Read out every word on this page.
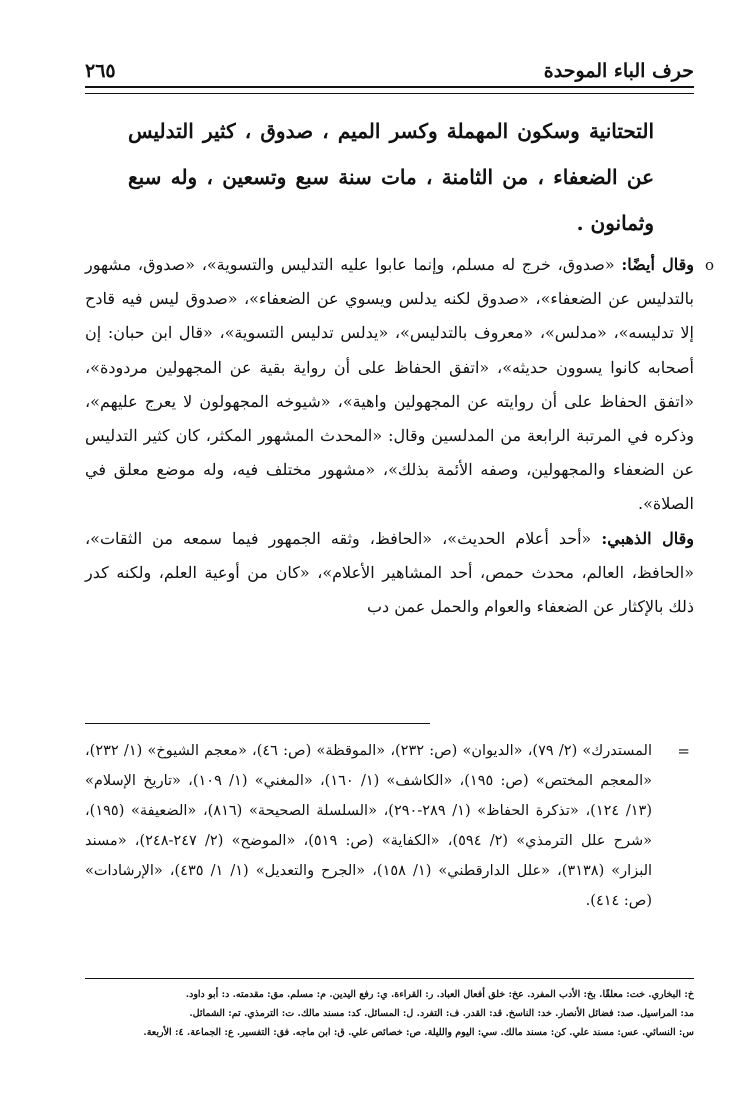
حرف الباء الموحدة
٢٦٥
التحتانية وسكون المهملة وكسر الميم ، صدوق ، كثير التدليس عن الضعفاء ، من الثامنة ، مات سنة سبع وتسعين ، وله سبع وثمانون .

o
وقال أيضًا: «صدوق، خرج له مسلم، وإنما عابوا عليه التدليس والتسوية»، «صدوق، مشهور بالتدليس عن الضعفاء»، «صدوق لكنه يدلس ويسوي عن الضعفاء»، «صدوق ليس فيه قادح إلا تدليسه»، «مدلس»، «معروف بالتدليس»، «يدلس تدليس التسوية»، «قال ابن حبان: إن أصحابه كانوا يسوون حديثه»، «اتفق الحفاظ على أن رواية بقية عن المجهولين مردودة»، «اتفق الحفاظ على أن روايته عن المجهولين واهية»، «شيوخه المجهولون لا يعرج عليهم»، وذكره في المرتبة الرابعة من المدلسين وقال: «المحدث المشهور المكثر، كان كثير التدليس عن الضعفاء والمجهولين، وصفه الأئمة بذلك»، «مشهور مختلف فيه، وله موضع معلق في الصلاة».

وقال الذهبي: «أحد أعلام الحديث»، «الحافظ، وثقه الجمهور فيما سمعه من الثقات»، «الحافظ، العالم، محدث حمص، أحد المشاهير الأعلام»، «كان من أوعية العلم، ولكنه كدر ذلك بالإكثار عن الضعفاء والعوام والحمل عمن دب

=
المستدرك» (٢/ ٧٩)، «الديوان» (ص: ٢٣٢)، «الموقظة» (ص: ٤٦)، «معجم الشيوخ» (١/ ٢٣٢)، «المعجم المختص» (ص: ١٩٥)، «الكاشف» (١/ ١٦٠)، «المغني» (١/ ١٠٩)، «تاريخ الإسلام» (١٣/ ١٢٤)، «تذكرة الحفاظ» (١/ ٢٨٩-٢٩٠)، «السلسلة الصحيحة» (٨١٦)، «الضعيفة» (١٩٥)، «شرح علل الترمذي» (٢/ ٥٩٤)، «الكفاية» (ص: ٥١٩)، «الموضح» (٢/ ٢٤٧-٢٤٨)، «مسند البزار» (٣١٣٨)، «علل الدارقطني» (١/ ١٥٨)، «الجرح والتعديل» (١/ ١/ ٤٣٥)، «الإرشادات» (ص: ٤١٤).

خ: البخاري. خت: معلقًا. بخ: الأدب المفرد. عخ: خلق أفعال العباد. ر: القراءة. ي: رفع اليدين. م: مسلم. مق: مقدمته. د: أبو داود.

مد: المراسيل. صد: فضائل الأنصار. خد: الناسخ. قد: القدر. ف: التفرد. ل: المسائل. كد: مسند مالك. ت: الترمذي. تم: الشمائل.

س: النسائي. عس: مسند علي. كن: مسند مالك. سي: اليوم والليلة. ص: خصائص علي. ق: ابن ماجه. فق: التفسير. ع: الجماعة. ٤: الأربعة.
